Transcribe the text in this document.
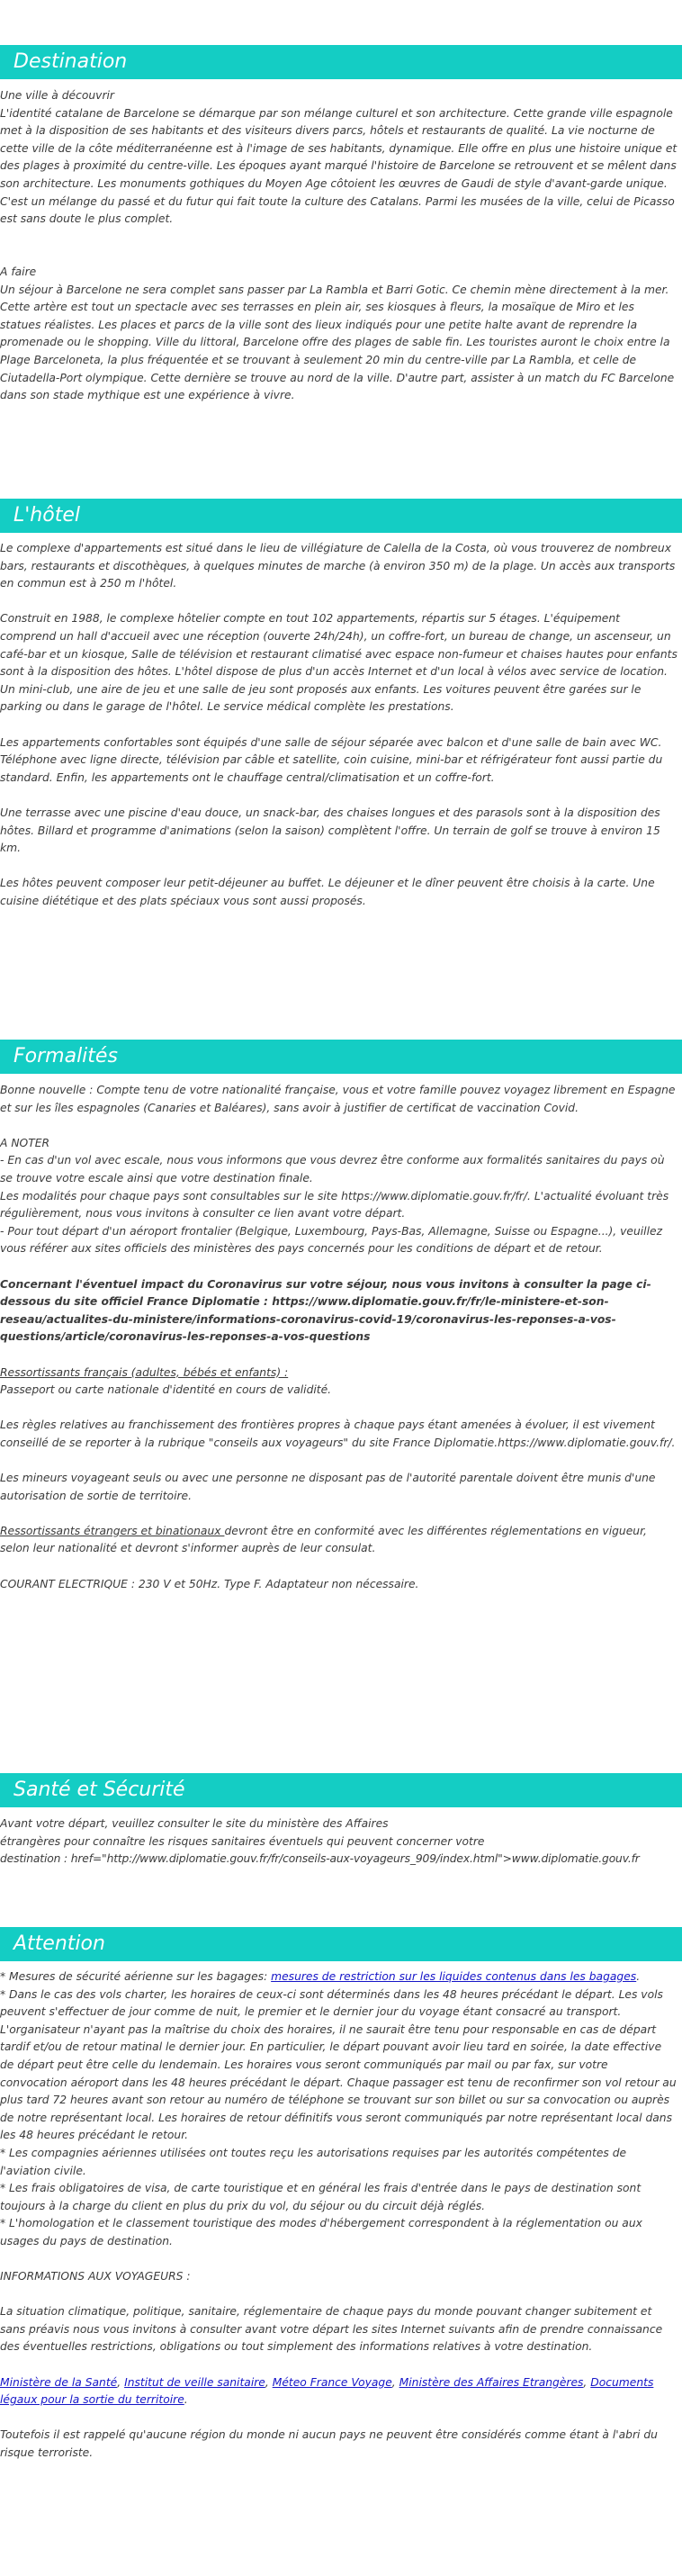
Destination

Une ville à découvrir

L'identité catalane de Barcelone se démarque par son mélange culturel et son architecture. Cette grande ville espagnole met à la disposition de ses habitants et des visiteurs divers parcs, hôtels et restaurants de qualité. La vie nocturne de cette ville de la côte méditerranéenne est à l'image de ses habitants, dynamique. Elle offre en plus une histoire unique et des plages à proximité du centre-ville. Les époques ayant marqué l'histoire de Barcelone se retrouvent et se mêlent dans son architecture. Les monuments gothiques du Moyen Age côtoient les œuvres de Gaudi de style d'avant-garde unique. C'est un mélange du passé et du futur qui fait toute la culture des Catalans. Parmi les musées de la ville, celui de Picasso est sans doute le plus complet.

A faire

Un séjour à Barcelone ne sera complet sans passer par La Rambla et Barri Gotic. Ce chemin mène directement à la mer. Cette artère est tout un spectacle avec ses terrasses en plein air, ses kiosques à fleurs, la mosaïque de Miro et les statues réalistes. Les places et parcs de la ville sont des lieux indiqués pour une petite halte avant de reprendre la promenade ou le shopping. Ville du littoral, Barcelone offre des plages de sable fin. Les touristes auront le choix entre la Plage Barceloneta, la plus fréquentée et se trouvant à seulement 20 min du centre-ville par La Rambla, et celle de Ciutadella-Port olympique. Cette dernière se trouve au nord de la ville. D'autre part, assister à un match du FC Barcelone dans son stade mythique est une expérience à vivre.

L'hôtel

Le complexe d'appartements est situé dans le lieu de villégiature de Calella de la Costa, où vous trouverez de nombreux bars, restaurants et discothèques, à quelques minutes de marche (à environ 350 m) de la plage. Un accès aux transports en commun est à 250 m l'hôtel.

Construit en 1988, le complexe hôtelier compte en tout 102 appartements, répartis sur 5 étages. L'équipement comprend un hall d'accueil avec une réception (ouverte 24h/24h), un coffre-fort, un bureau de change, un ascenseur, un café-bar et un kiosque, Salle de télévision et restaurant climatisé avec espace non-fumeur et chaises hautes pour enfants sont à la disposition des hôtes. L'hôtel dispose de plus d'un accès Internet et d'un local à vélos avec service de location. Un mini-club, une aire de jeu et une salle de jeu sont proposés aux enfants. Les voitures peuvent être garées sur le parking ou dans le garage de l'hôtel. Le service médical complète les prestations.

Les appartements confortables sont équipés d'une salle de séjour séparée avec balcon et d'une salle de bain avec WC. Téléphone avec ligne directe, télévision par câble et satellite, coin cuisine, mini-bar et réfrigérateur font aussi partie du standard. Enfin, les appartements ont le chauffage central/climatisation et un coffre-fort.

Une terrasse avec une piscine d'eau douce, un snack-bar, des chaises longues et des parasols sont à la disposition des hôtes. Billard et programme d'animations (selon la saison) complètent l'offre. Un terrain de golf se trouve à environ 15 km.

Les hôtes peuvent composer leur petit-déjeuner au buffet. Le déjeuner et le dîner peuvent être choisis à la carte. Une cuisine diététique et des plats spéciaux vous sont aussi proposés.

Formalités

Bonne nouvelle : Compte tenu de votre nationalité française, vous et votre famille pouvez voyagez librement en Espagne et sur les îles espagnoles (Canaries et Baléares), sans avoir à justifier de certificat de vaccination Covid.

A NOTER

- En cas d'un vol avec escale, nous vous informons que vous devrez être conforme aux formalités sanitaires du pays où se trouve votre escale ainsi que votre destination finale.

Les modalités pour chaque pays sont consultables sur le site https://www.diplomatie.gouv.fr/fr/. L'actualité évoluant très régulièrement, nous vous invitons à consulter ce lien avant votre départ.

- Pour tout départ d'un aéroport frontalier (Belgique, Luxembourg, Pays-Bas, Allemagne, Suisse ou Espagne...), veuillez vous référer aux sites officiels des ministères des pays concernés pour les conditions de départ et de retour.

Concernant l'éventuel impact du Coronavirus sur votre séjour, nous vous invitons à consulter la page ci-dessous du site officiel France Diplomatie : https://www.diplomatie.gouv.fr/fr/le-ministere-et-son-reseau/actualites-du-ministere/informations-coronavirus-covid-19/coronavirus-les-reponses-a-vos-questions/article/coronavirus-les-reponses-a-vos-questions

Ressortissants français (adultes, bébés et enfants) :

Passeport ou carte nationale d'identité en cours de validité.

Les règles relatives au franchissement des frontières propres à chaque pays étant amenées à évoluer, il est vivement conseillé de se reporter à la rubrique "conseils aux voyageurs" du site France Diplomatie.https://www.diplomatie.gouv.fr/.

Les mineurs voyageant seuls ou avec une personne ne disposant pas de l'autorité parentale doivent être munis d'une autorisation de sortie de territoire.

Ressortissants étrangers et binationaux devront être en conformité avec les différentes réglementations en vigueur, selon leur nationalité et devront s'informer auprès de leur consulat.

COURANT ELECTRIQUE : 230 V et 50Hz. Type F. Adaptateur non nécessaire.

Santé et Sécurité

Avant votre départ, veuillez consulter le site du ministère des Affaires

étrangères pour connaître les risques sanitaires éventuels qui peuvent concerner votre

destination : href="http://www.diplomatie.gouv.fr/fr/conseils-aux-voyageurs_909/index.html">www.diplomatie.gouv.fr

Attention

* Mesures de sécurité aérienne sur les bagages: mesures de restriction sur les liquides contenus dans les bagages.

* Dans le cas des vols charter, les horaires de ceux-ci sont déterminés dans les 48 heures précédant le départ. Les vols peuvent s'effectuer de jour comme de nuit, le premier et le dernier jour du voyage étant consacré au transport. L'organisateur n'ayant pas la maîtrise du choix des horaires, il ne saurait être tenu pour responsable en cas de départ tardif et/ou de retour matinal le dernier jour. En particulier, le départ pouvant avoir lieu tard en soirée, la date effective de départ peut être celle du lendemain. Les horaires vous seront communiqués par mail ou par fax, sur votre convocation aéroport dans les 48 heures précédant le départ. Chaque passager est tenu de reconfirmer son vol retour au plus tard 72 heures avant son retour au numéro de téléphone se trouvant sur son billet ou sur sa convocation ou auprès de notre représentant local. Les horaires de retour définitifs vous seront communiqués par notre représentant local dans les 48 heures précédant le retour.

* Les compagnies aériennes utilisées ont toutes reçu les autorisations requises par les autorités compétentes de l'aviation civile.

* Les frais obligatoires de visa, de carte touristique et en général les frais d'entrée dans le pays de destination sont toujours à la charge du client en plus du prix du vol, du séjour ou du circuit déjà réglés.

* L'homologation et le classement touristique des modes d'hébergement correspondent à la réglementation ou aux usages du pays de destination.

INFORMATIONS AUX VOYAGEURS :

La situation climatique, politique, sanitaire, réglementaire de chaque pays du monde pouvant changer subitement et sans préavis nous vous invitons à consulter avant votre départ les sites Internet suivants afin de prendre connaissance des éventuelles restrictions, obligations ou tout simplement des informations relatives à votre destination.

Ministère de la Santé, Institut de veille sanitaire, Méteo France Voyage, Ministère des Affaires Etrangères, Documents légaux pour la sortie du territoire.

Toutefois il est rappelé qu'aucune région du monde ni aucun pays ne peuvent être considérés comme étant à l'abri du risque terroriste.
